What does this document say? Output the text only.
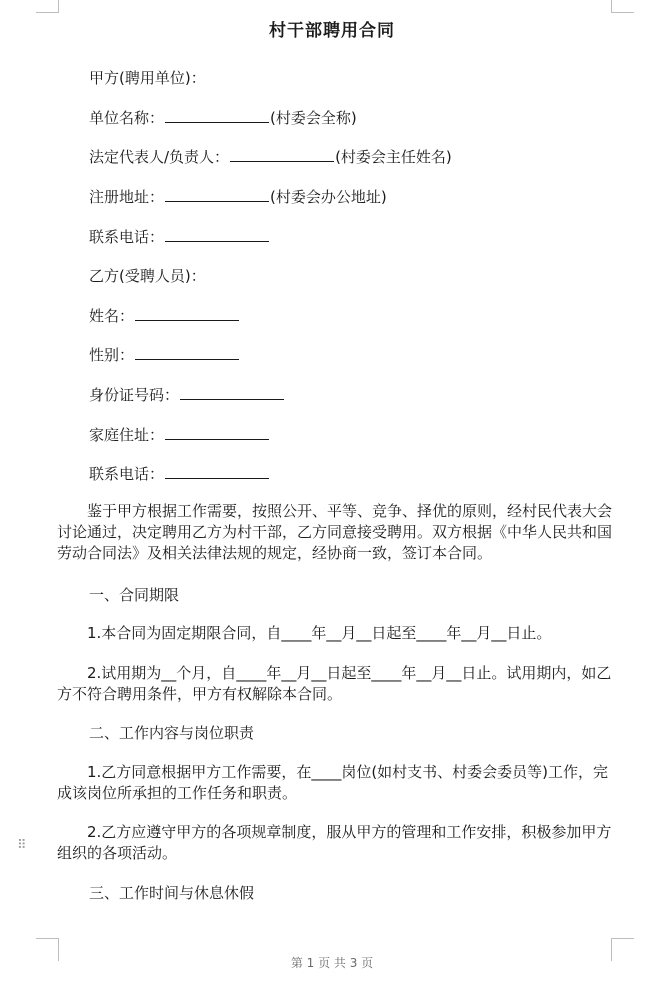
村干部聘用合同
甲方(聘用单位)：
单位名称：	(村委会全称)
法定代表人/负责人：	(村委会主任姓名)
注册地址：	(村委会办公地址)
联系电话：
乙方(受聘人员)：
姓名：
性别：
身份证号码：
家庭住址：
联系电话：
　　鉴于甲方根据工作需要，按照公开、平等、竞争、择优的原则，经村民代表大会讨论通过，决定聘用乙方为村干部，乙方同意接受聘用。双方根据《中华人民共和国劳动合同法》及相关法律法规的规定，经协商一致，签订本合同。
一、合同期限
　　1.本合同为固定期限合同，自____年__月__日起至____年__月__日止。
　　2.试用期为__个月，自____年__月__日起至____年__月__日止。试用期内，如乙方不符合聘用条件，甲方有权解除本合同。
二、工作内容与岗位职责
　　1.乙方同意根据甲方工作需要，在____岗位(如村支书、村委会委员等)工作，完成该岗位所承担的工作任务和职责。
　　2.乙方应遵守甲方的各项规章制度，服从甲方的管理和工作安排，积极参加甲方组织的各项活动。
三、工作时间与休息休假
⠿
第 1 页 共 3 页
